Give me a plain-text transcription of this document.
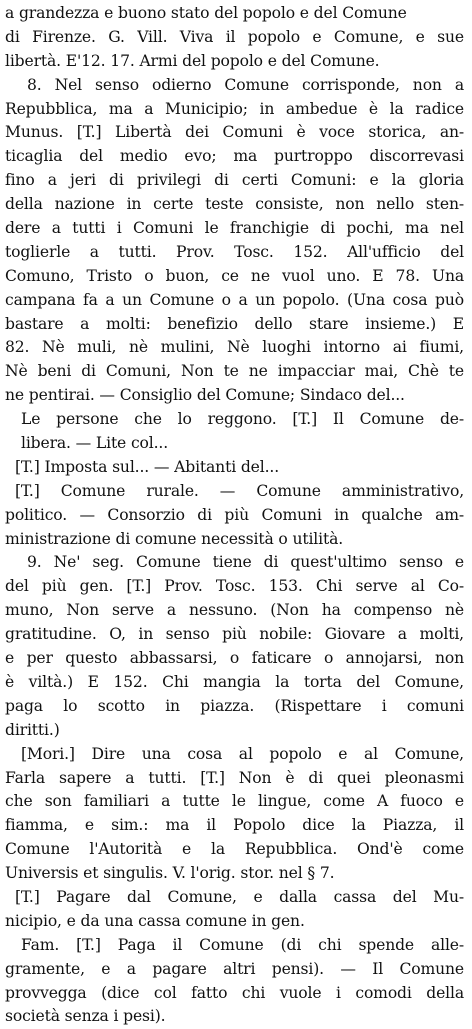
a grandezza e buono stato del popolo e del Comune
di Firenze. G. Vill. Viva il popolo e Comune, e sue
libertà. E'12. 17. Armi del popolo e del Comune.
8. Nel senso odierno Comune corrisponde, non a
Repubblica, ma a Municipio; in ambedue è la radice
Munus. [T.] Libertà dei Comuni è voce storica, an-
ticaglia del medio evo; ma purtroppo discorrevasi
fino a jeri di privilegi di certi Comuni: e la gloria
della nazione in certe teste consiste, non nello sten-
dere a tutti i Comuni le franchigie di pochi, ma nel
toglierle a tutti. Prov. Tosc. 152. All'ufficio del
Comuno, Tristo o buon, ce ne vuol uno. E 78. Una
campana fa a un Comune o a un popolo. (Una cosa può
bastare a molti: benefizio dello stare insieme.) E
82. Nè muli, nè mulini, Nè luoghi intorno ai fiumi,
Nè beni di Comuni, Non te ne impacciar mai, Chè te
ne pentirai. — Consiglio del Comune; Sindaco del...
Le persone che lo reggono. [T.] Il Comune de-
libera. — Lite col...
[T.] Imposta sul... — Abitanti del...
[T.] Comune rurale. — Comune amministrativo,
politico. — Consorzio di più Comuni in qualche am-
ministrazione di comune necessità o utilità.
9. Ne' seg. Comune tiene di quest'ultimo senso e
del più gen. [T.] Prov. Tosc. 153. Chi serve al Co-
muno, Non serve a nessuno. (Non ha compenso nè
gratitudine. O, in senso più nobile: Giovare a molti,
e per questo abbassarsi, o faticare o annojarsi, non
è viltà.) E 152. Chi mangia la torta del Comune,
paga lo scotto in piazza. (Rispettare i comuni
diritti.)
[Mori.] Dire una cosa al popolo e al Comune,
Farla sapere a tutti. [T.] Non è di quei pleonasmi
che son familiari a tutte le lingue, come A fuoco e
fiamma, e sim.: ma il Popolo dice la Piazza, il
Comune l'Autorità e la Repubblica. Ond'è come
Universis et singulis. V. l'orig. stor. nel § 7.
[T.] Pagare dal Comune, e dalla cassa del Mu-
nicipio, e da una cassa comune in gen.
Fam. [T.] Paga il Comune (di chi spende alle-
gramente, e a pagare altri pensi). — Il Comune
provvegga (dice col fatto chi vuole i comodi della
società senza i pesi).
